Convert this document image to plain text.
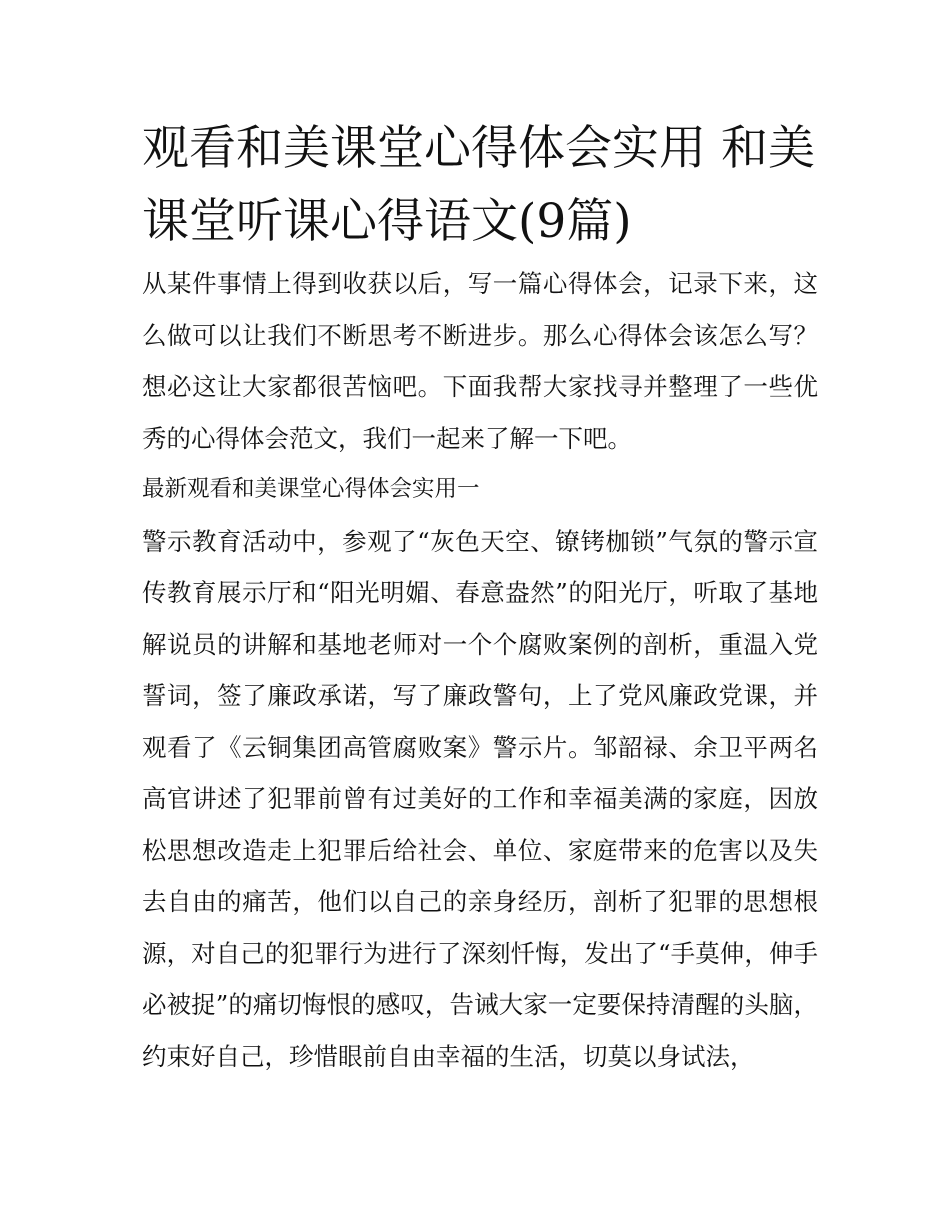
观看和美课堂心得体会实用 和美课堂听课心得语文(9篇)

从某件事情上得到收获以后，写一篇心得体会，记录下来，这么做可以让我们不断思考不断进步。那么心得体会该怎么写？想必这让大家都很苦恼吧。下面我帮大家找寻并整理了一些优秀的心得体会范文，我们一起来了解一下吧。

最新观看和美课堂心得体会实用一

警示教育活动中，参观了“灰色天空、镣铐枷锁”气氛的警示宣传教育展示厅和“阳光明媚、春意盎然”的阳光厅，听取了基地解说员的讲解和基地老师对一个个腐败案例的剖析，重温入党誓词，签了廉政承诺，写了廉政警句，上了党风廉政党课，并观看了《云铜集团高管腐败案》警示片。邹韶禄、余卫平两名高官讲述了犯罪前曾有过美好的工作和幸福美满的家庭，因放松思想改造走上犯罪后给社会、单位、家庭带来的危害以及失去自由的痛苦，他们以自己的亲身经历，剖析了犯罪的思想根源，对自己的犯罪行为进行了深刻忏悔，发出了“手莫伸，伸手必被捉”的痛切悔恨的感叹，告诫大家一定要保持清醒的头脑，约束好自己，珍惜眼前自由幸福的生活，切莫以身试法，
